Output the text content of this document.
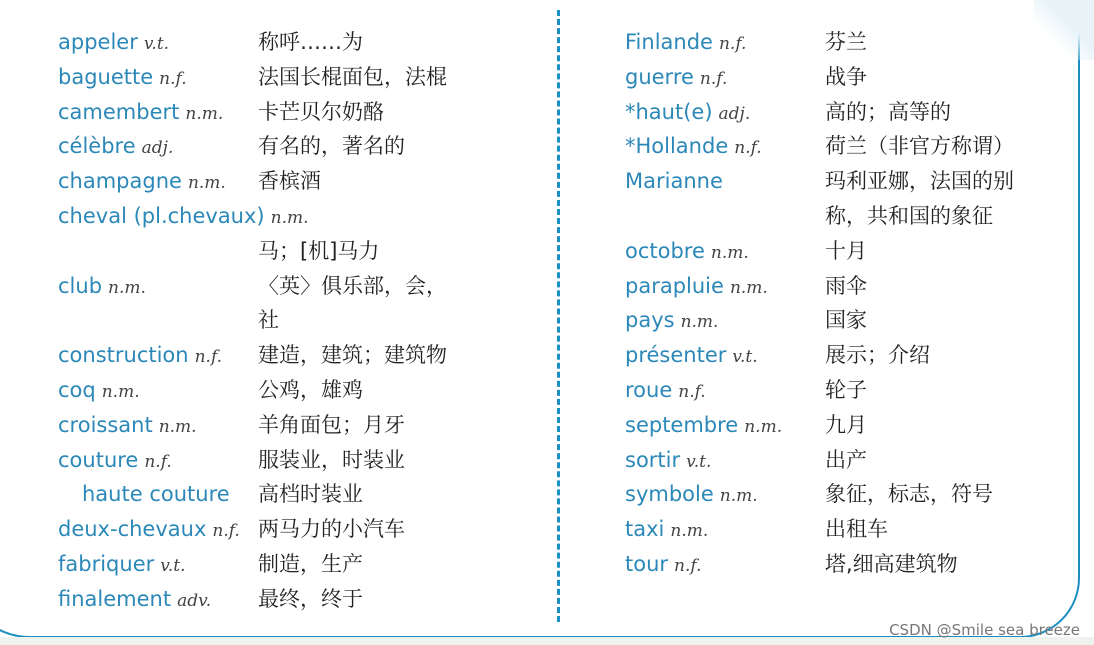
appeler v.t.	称呼……为
baguette n.f.	法国长棍面包，法棍
camembert n.m. 卡芒贝尔奶酪
célèbre adj.	有名的，著名的
champagne n.m. 香槟酒
cheval (pl.chevaux) n.m.
马；[机]马力
club n.m.	〈英〉俱乐部，会，
社
construction n.f. 建造，建筑；建筑物
coq n.m.	公鸡，雄鸡
croissant n.m.	羊角面包；月牙
couture n.f.	服装业，时装业
haute couture 高档时装业
deux-chevaux n.f. 两马力的小汽车
fabriquer v.t.	制造，生产
finalement adv. 最终，终于
Finlande n.f.	芬兰
guerre n.f.	战争
*haut(e) adj.	高的；高等的
*Hollande n.f.	荷兰（非官方称谓）
Marianne	玛利亚娜，法国的别
称，共和国的象征
octobre n.m.	十月
parapluie n.m.	雨伞
pays n.m.	国家
présenter v.t.	展示；介绍
roue n.f.	轮子
septembre n.m. 九月
sortir v.t.	出产
symbole n.m.	象征，标志，符号
taxi n.m.	出租车
tour n.f.	塔,细高建筑物
CSDN @Smile sea breeze
